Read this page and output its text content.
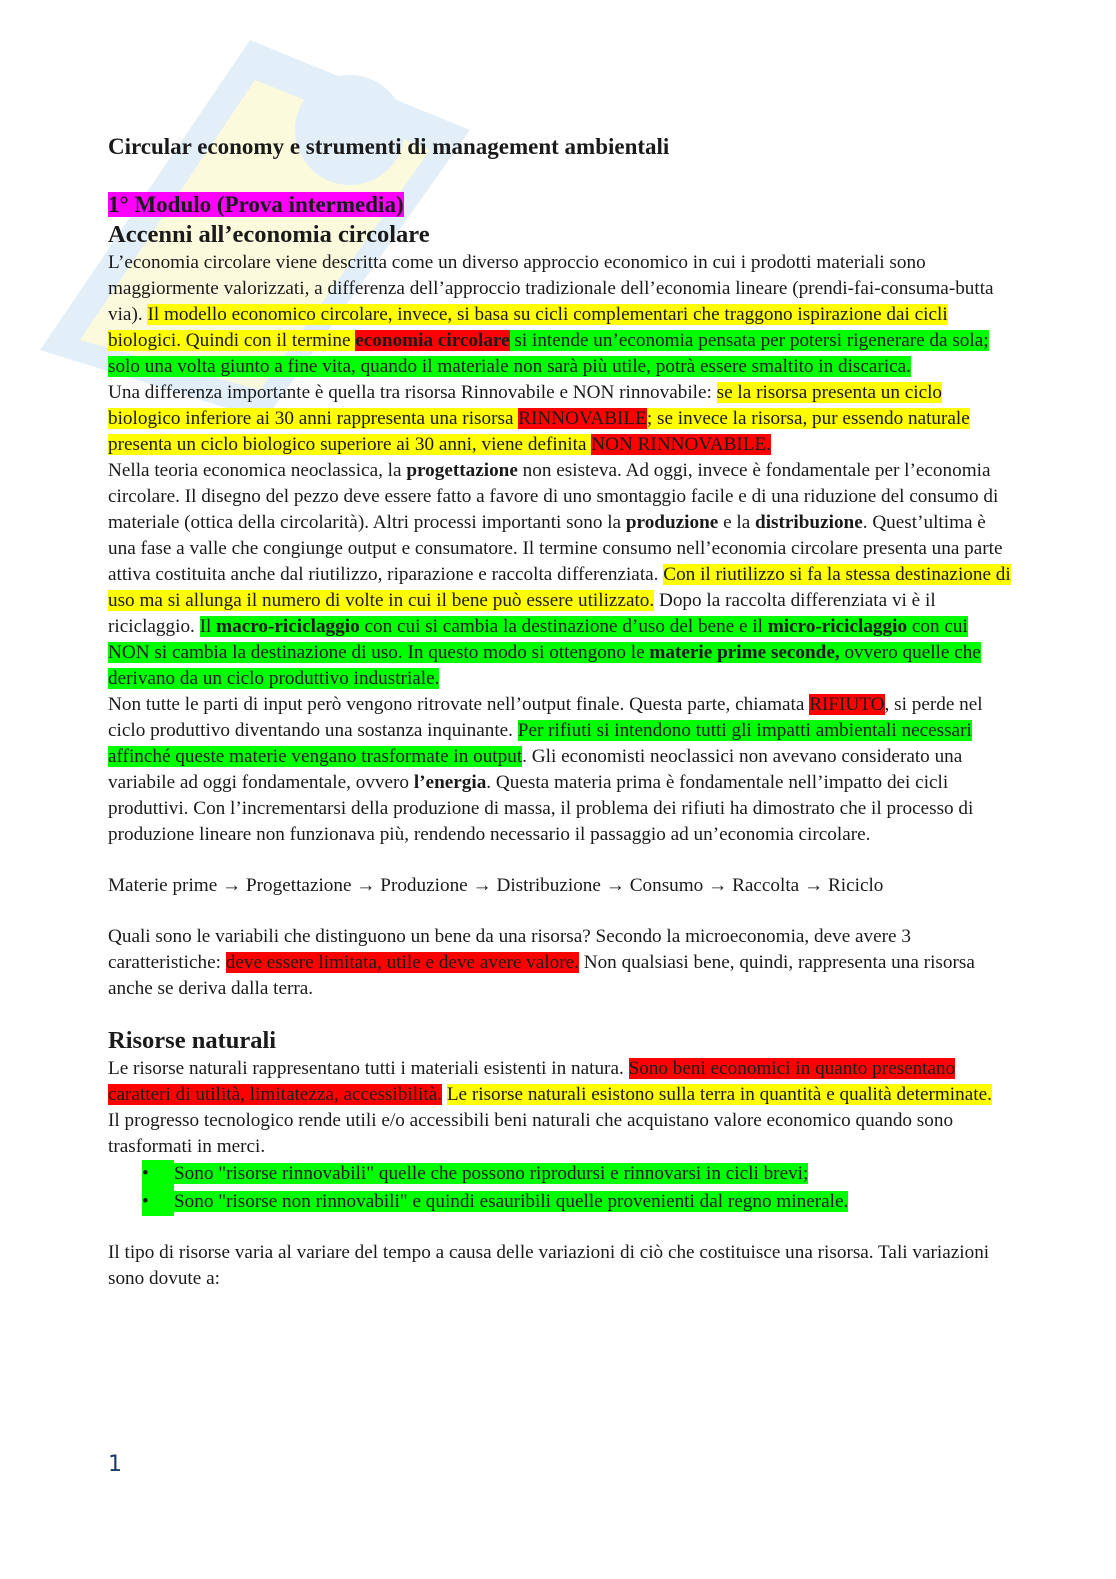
Circular economy e strumenti di management ambientali
1° Modulo (Prova intermedia)
Accenni all’economia circolare

L’economia circolare viene descritta come un diverso approccio economico in cui i prodotti materiali sono maggiormente valorizzati, a differenza dell’approccio tradizionale dell’economia lineare (prendi-fai-consuma-butta via). Il modello economico circolare, invece, si basa su cicli complementari che traggono ispirazione dai cicli biologici. Quindi con il termine economia circolare si intende un’economia pensata per potersi rigenerare da sola; solo una volta giunto a fine vita, quando il materiale non sarà più utile, potrà essere smaltito in discarica.

Una differenza importante è quella tra risorsa Rinnovabile e NON rinnovabile: se la risorsa presenta un ciclo biologico inferiore ai 30 anni rappresenta una risorsa RINNOVABILE; se invece la risorsa, pur essendo naturale presenta un ciclo biologico superiore ai 30 anni, viene definita NON RINNOVABILE.

Nella teoria economica neoclassica, la progettazione non esisteva. Ad oggi, invece è fondamentale per l’economia circolare. Il disegno del pezzo deve essere fatto a favore di uno smontaggio facile e di una riduzione del consumo di materiale (ottica della circolarità). Altri processi importanti sono la produzione e la distribuzione. Quest’ultima è una fase a valle che congiunge output e consumatore. Il termine consumo nell’economia circolare presenta una parte attiva costituita anche dal riutilizzo, riparazione e raccolta differenziata. Con il riutilizzo si fa la stessa destinazione di uso ma si allunga il numero di volte in cui il bene può essere utilizzato. Dopo la raccolta differenziata vi è il riciclaggio. Il macro-riciclaggio con cui si cambia la destinazione d’uso del bene e il micro-riciclaggio con cui NON si cambia la destinazione di uso. In questo modo si ottengono le materie prime seconde, ovvero quelle che derivano da un ciclo produttivo industriale.

Non tutte le parti di input però vengono ritrovate nell’output finale. Questa parte, chiamata RIFIUTO, si perde nel ciclo produttivo diventando una sostanza inquinante. Per rifiuti si intendono tutti gli impatti ambientali necessari affinché queste materie vengano trasformate in output. Gli economisti neoclassici non avevano considerato una variabile ad oggi fondamentale, ovvero l’energia. Questa materia prima è fondamentale nell’impatto dei cicli produttivi. Con l’incrementarsi della produzione di massa, il problema dei rifiuti ha dimostrato che il processo di produzione lineare non funzionava più, rendendo necessario il passaggio ad un’economia circolare.

Materie prime → Progettazione → Produzione → Distribuzione → Consumo → Raccolta → Riciclo

Quali sono le variabili che distinguono un bene da una risorsa? Secondo la microeconomia, deve avere 3 caratteristiche: deve essere limitata, utile e deve avere valore. Non qualsiasi bene, quindi, rappresenta una risorsa anche se deriva dalla terra.

Risorse naturali

Le risorse naturali rappresentano tutti i materiali esistenti in natura. Sono beni economici in quanto presentano caratteri di utilità, limitatezza, accessibilità. Le risorse naturali esistono sulla terra in quantità e qualità determinate.

Il progresso tecnologico rende utili e/o accessibili beni naturali che acquistano valore economico quando sono trasformati in merci.

•	Sono "risorse rinnovabili" quelle che possono riprodursi e rinnovarsi in cicli brevi;
•	Sono "risorse non rinnovabili" e quindi esauribili quelle provenienti dal regno minerale.

Il tipo di risorse varia al variare del tempo a causa delle variazioni di ciò che costituisce una risorsa. Tali variazioni sono dovute a:

1
